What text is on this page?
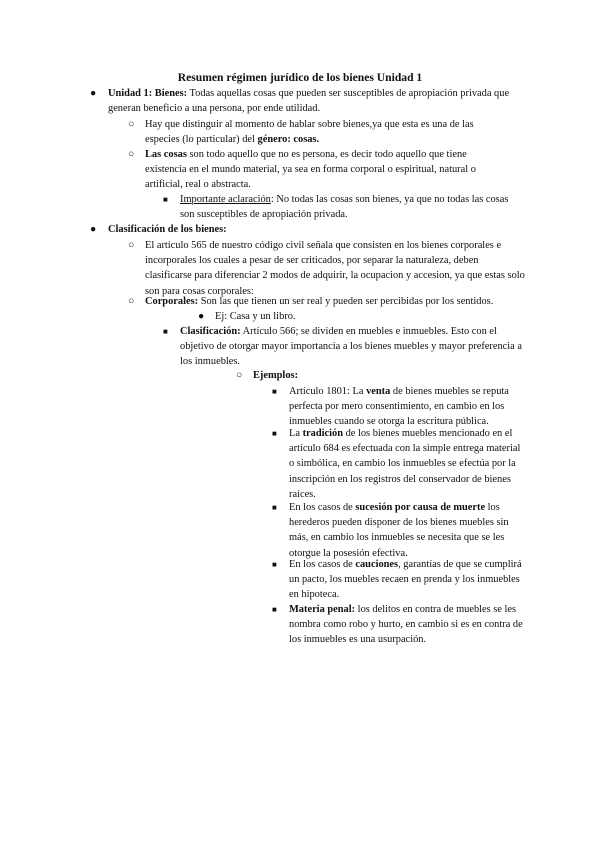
Resumen régimen jurídico de los bienes Unidad 1
● Unidad 1: Bienes: Todas aquellas cosas que pueden ser susceptibles de apropiación privada que generan beneficio a una persona, por ende utilidad.

○ Hay que distinguir al momento de hablar sobre bienes,ya que esta es una de las especies (lo particular) del género: cosas.

○ Las cosas son todo aquello que no es persona, es decir todo aquello que tiene existencia en el mundo material, ya sea en forma corporal o espiritual, natural o artificial, real o abstracta.

■ Importante aclaración: No todas las cosas son bienes, ya que no todas las cosas son susceptibles de apropiación privada.

● Clasificación de los bienes:

○ El artículo 565 de nuestro código civil señala que consisten en los bienes corporales e incorporales los cuales a pesar de ser criticados, por separar la naturaleza, deben clasificarse para diferenciar 2 modos de adquirir, la ocupacion y accesion, ya que estas solo son para cosas corporales:

○ Corporales: Son las que tienen un ser real y pueden ser percibidas por los sentidos.

● Ej: Casa y un libro.

■ Clasificación: Artículo 566; se dividen en muebles e inmuebles. Esto con el objetivo de otorgar mayor importancia a los bienes muebles y mayor preferencia a los inmuebles.

○ Ejemplos:

■ Artículo 1801: La venta de bienes muebles se reputa perfecta por mero consentimiento, en cambio en los inmuebles cuando se otorga la escritura pública.

■ La tradición de los bienes muebles mencionado en el artículo 684 es efectuada con la simple entrega material o simbólica, en cambio los inmuebles se efectúa por la inscripción en los registros del conservador de bienes raíces.

■ En los casos de sucesión por causa de muerte los herederos pueden disponer de los bienes muebles sin más, en cambio los inmuebles se necesita que se les otorgue la posesión efectiva.

■ En los casos de cauciones, garantías de que se cumplirá un pacto, los muebles recaen en prenda y los inmuebles en hipoteca.

■ Materia penal: los delitos en contra de muebles se les nombra como robo y hurto, en cambio si es en contra de los inmuebles es una usurpación.
